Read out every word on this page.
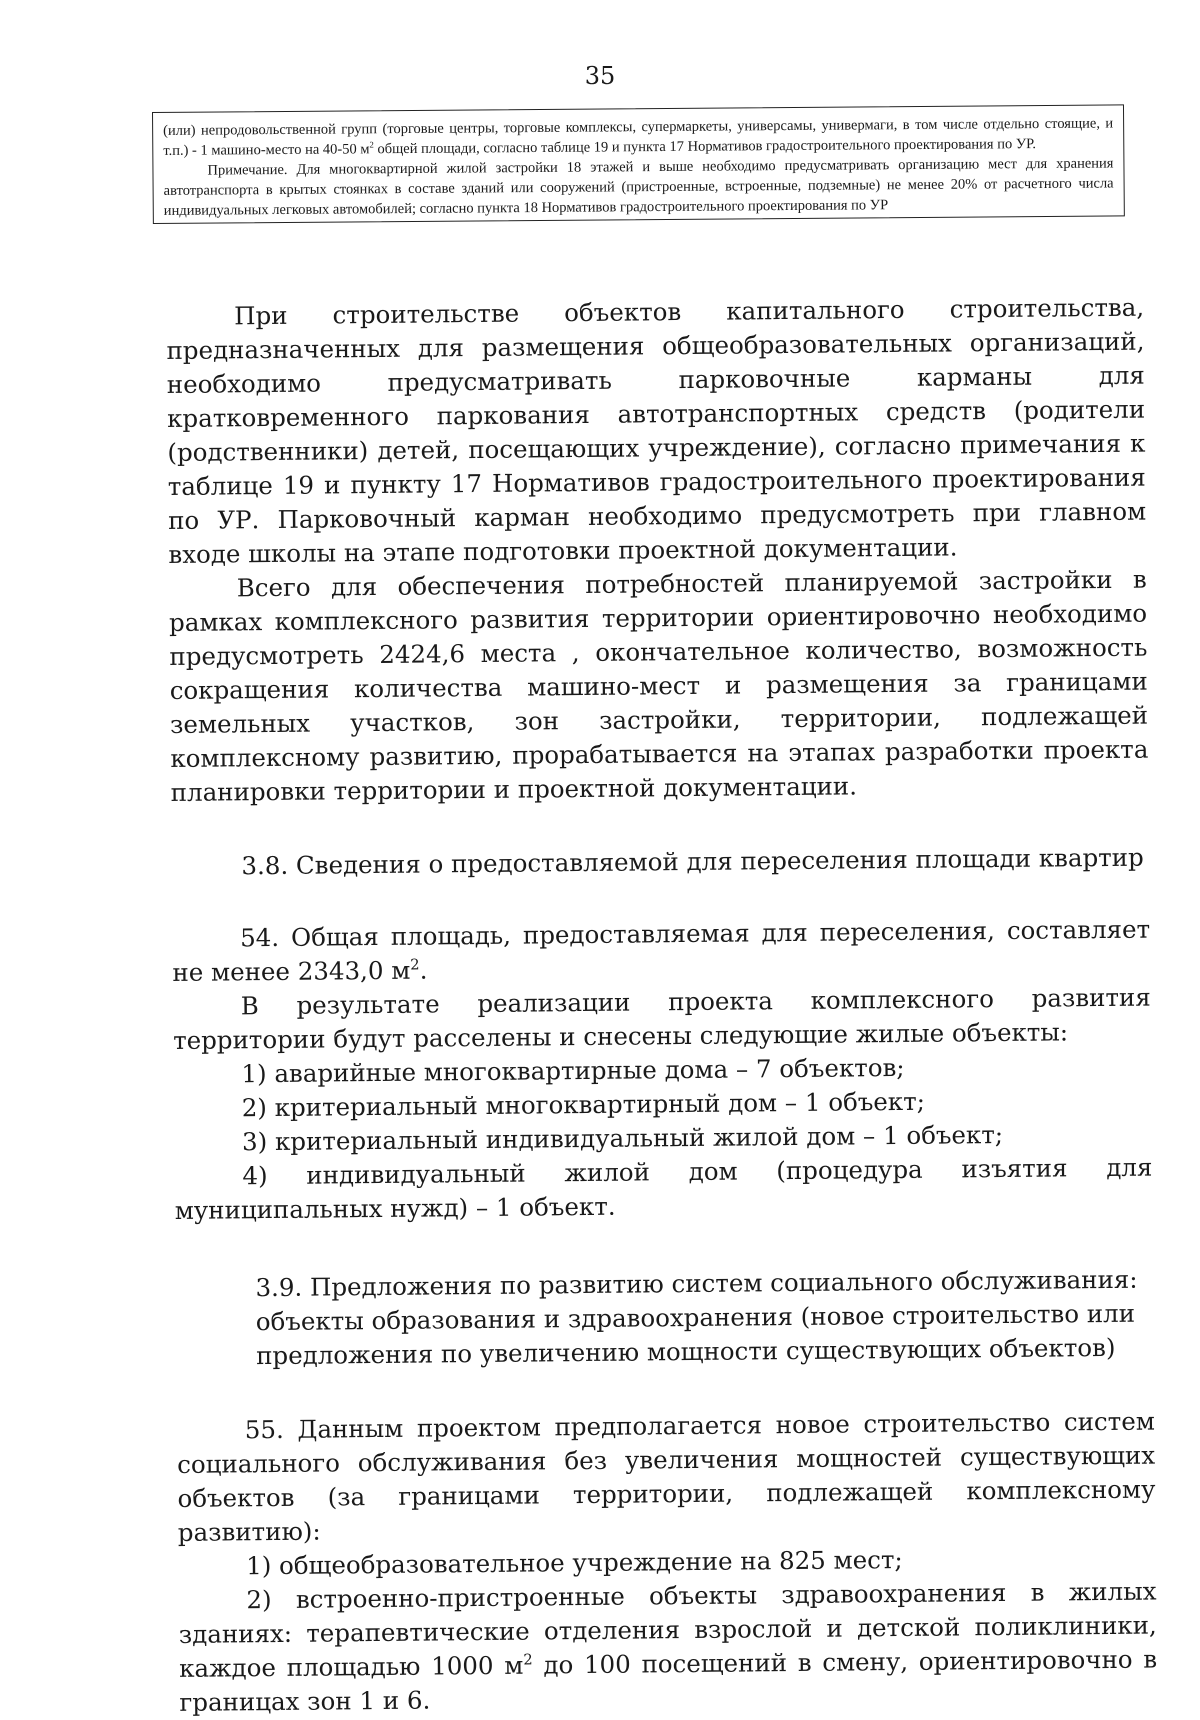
35

(или) непродовольственной групп (торговые центры, торговые комплексы, супермаркеты, универсамы, универмаги, в том числе отдельно стоящие, и т.п.) - 1 машино-место на 40-50 $м^2$ общей площади, согласно таблице 19 и пункта 17 Нормативов градостроительного проектирования по УР.

Примечание. Для многоквартирной жилой застройки 18 этажей и выше необходимо предусматривать организацию мест для хранения автотранспорта в крытых стоянках в составе зданий или сооружений (пристроенные, встроенные, подземные) не менее 20% от расчетного числа индивидуальных легковых автомобилей; согласно пункта 18 Нормативов градостроительного проектирования по УР

При строительстве объектов капитального строительства, предназначенных для размещения общеобразовательных организаций, необходимо предусматривать парковочные карманы для кратковременного паркования автотранспортных средств (родители (родственники) детей, посещающих учреждение), согласно примечания к таблице 19 и пункту 17 Нормативов градостроительного проектирования по УР. Парковочный карман необходимо предусмотреть при главном входе школы на этапе подготовки проектной документации.

Всего для обеспечения потребностей планируемой застройки в рамках комплексного развития территории ориентировочно необходимо предусмотреть 2424,6 места , окончательное количество, возможность сокращения количества машино-мест и размещения за границами земельных участков, зон застройки, территории, подлежащей комплексному развитию, прорабатывается на этапах разработки проекта планировки территории и проектной документации.

3.8. Сведения о предоставляемой для переселения площади квартир

54. Общая площадь, предоставляемая для переселения, составляет не менее 2343,0 $м^2$.

В результате реализации проекта комплексного развития территории будут расселены и снесены следующие жилые объекты:

1) аварийные многоквартирные дома – 7 объектов;

2) критериальный многоквартирный дом – 1 объект;

3) критериальный индивидуальный жилой дом – 1 объект;

4) индивидуальный жилой дом (процедура изъятия для муниципальных нужд) – 1 объект.

3.9. Предложения по развитию систем социального обслуживания:
объекты образования и здравоохранения (новое строительство или
предложения по увеличению мощности существующих объектов)

55. Данным проектом предполагается новое строительство систем социального обслуживания без увеличения мощностей существующих объектов (за границами территории, подлежащей комплексному развитию):

1) общеобразовательное учреждение на 825 мест;

2) встроенно-пристроенные объекты здравоохранения в жилых зданиях: терапевтические отделения взрослой и детской поликлиники, каждое площадью 1000 $м^2$ до 100 посещений в смену, ориентировочно в границах зон 1 и 6.
